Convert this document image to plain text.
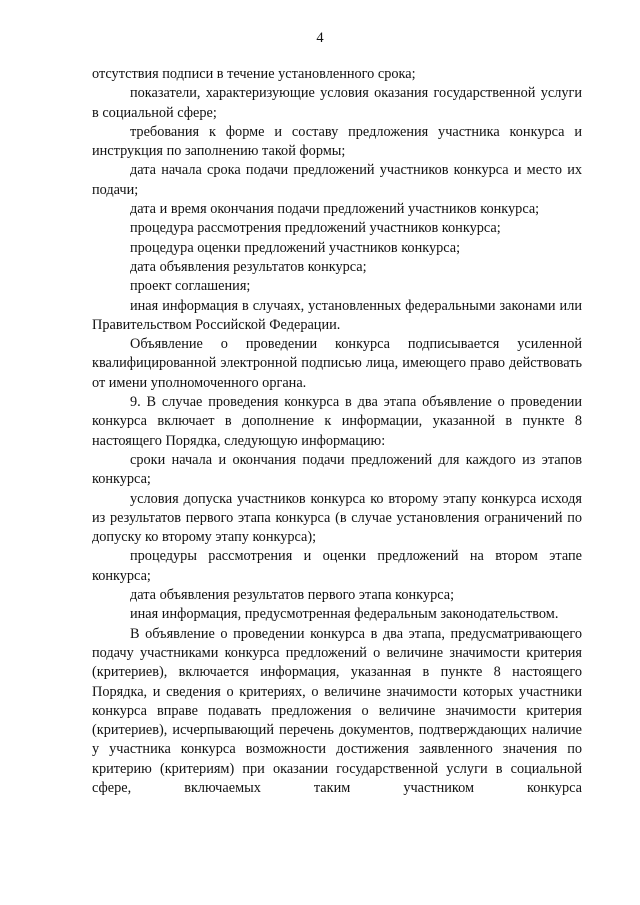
4

отсутствия подписи в течение установленного срока;

показатели, характеризующие условия оказания государственной услуги в социальной сфере;

требования к форме и составу предложения участника конкурса и инструкция по заполнению такой формы;

дата начала срока подачи предложений участников конкурса и место их подачи;

дата и время окончания подачи предложений участников конкурса;

процедура рассмотрения предложений участников конкурса;

процедура оценки предложений участников конкурса;

дата объявления результатов конкурса;

проект соглашения;

иная информация в случаях, установленных федеральными законами или Правительством Российской Федерации.

Объявление о проведении конкурса подписывается усиленной квалифицированной электронной подписью лица, имеющего право действовать от имени уполномоченного органа.

9. В случае проведения конкурса в два этапа объявление о проведении конкурса включает в дополнение к информации, указанной в пункте 8 настоящего Порядка, следующую информацию:

сроки начала и окончания подачи предложений для каждого из этапов конкурса;

условия допуска участников конкурса ко второму этапу конкурса исходя из результатов первого этапа конкурса (в случае установления ограничений по допуску ко второму этапу конкурса);

процедуры рассмотрения и оценки предложений на втором этапе конкурса;

дата объявления результатов первого этапа конкурса;

иная информация, предусмотренная федеральным законодательством.

В объявление о проведении конкурса в два этапа, предусматривающего подачу участниками конкурса предложений о величине значимости критерия (критериев), включается информация, указанная в пункте 8 настоящего Порядка, и сведения о критериях, о величине значимости которых участники конкурса вправе подавать предложения о величине значимости критерия (критериев), исчерпывающий перечень документов, подтверждающих наличие у участника конкурса возможности достижения заявленного значения по критерию (критериям) при оказании государственной услуги в социальной сфере, включаемых таким участником конкурса
